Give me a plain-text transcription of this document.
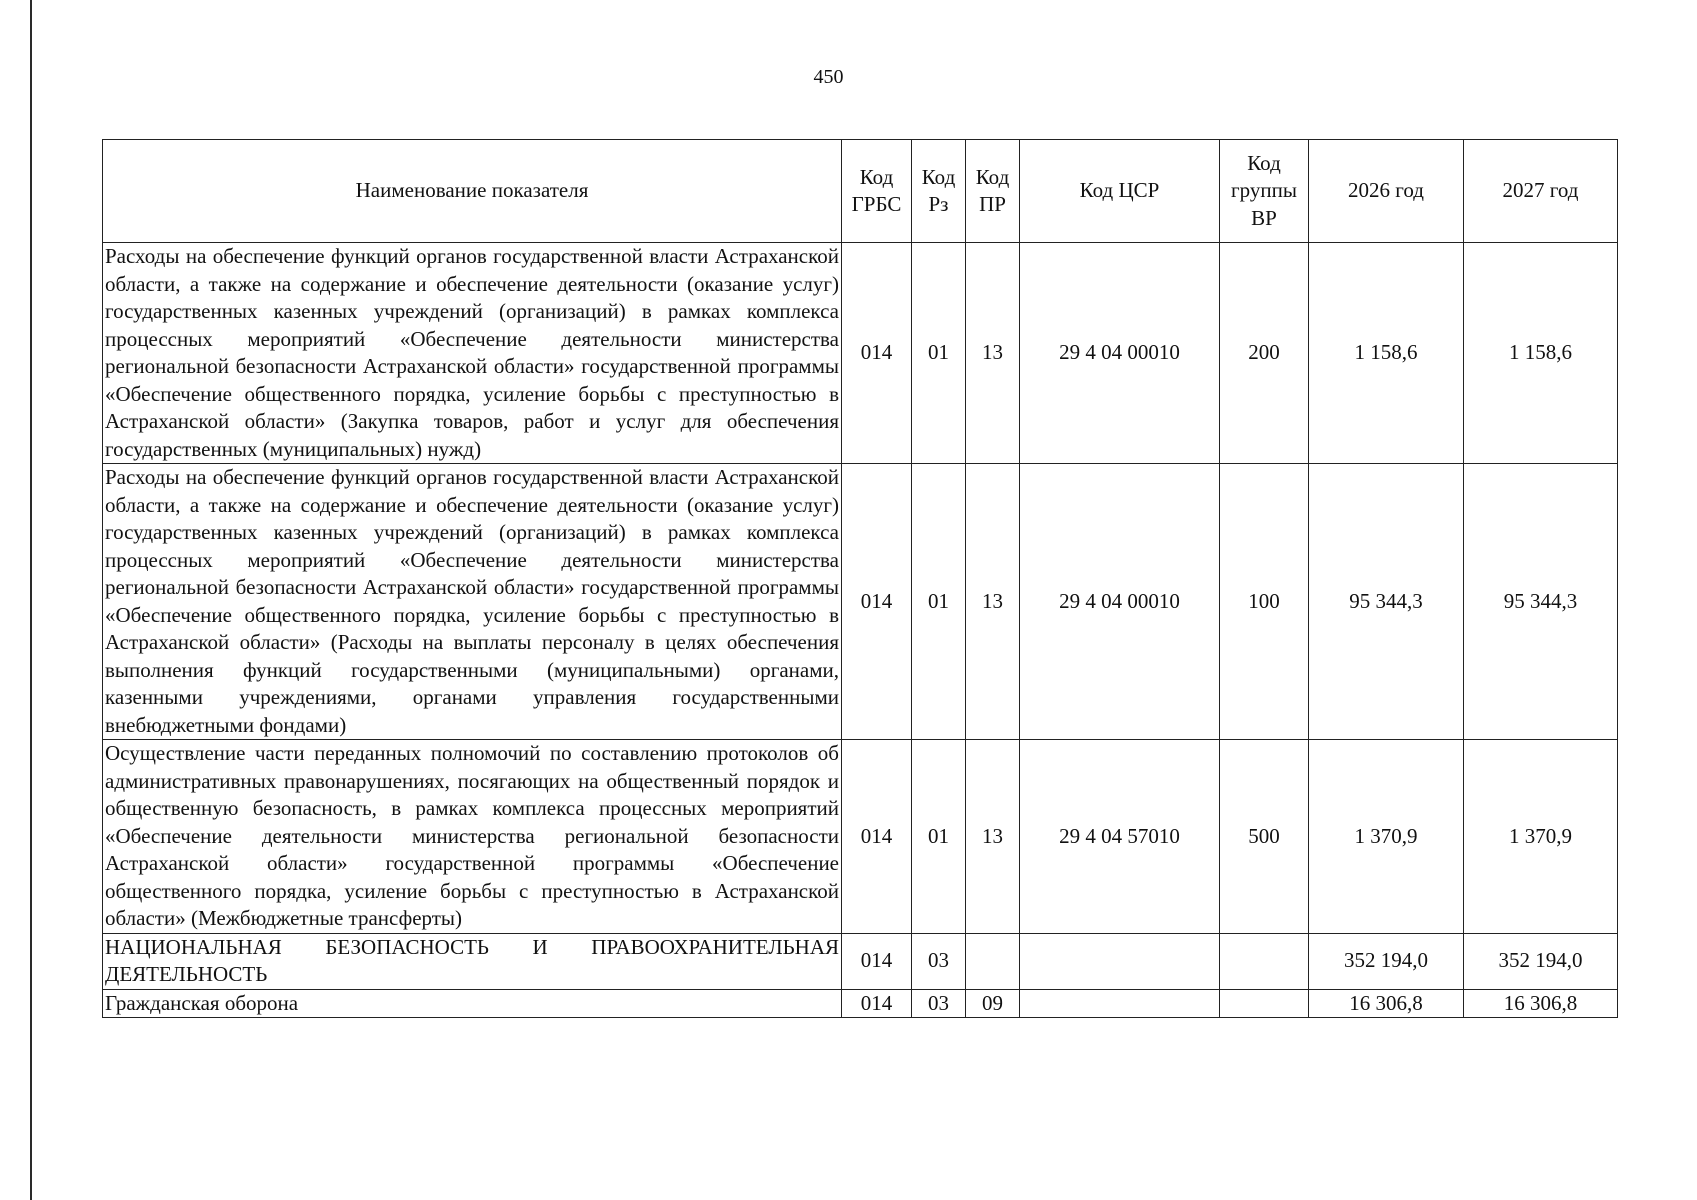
450
Наименование показателя	Код ГРБС	Код Рз	Код ПР	Код ЦСР	Код группы ВР	2026 год	2027 год
Расходы на обеспечение функций органов государственной власти Астраханской области, а также на содержание и обеспечение деятельности (оказание услуг) государственных казенных учреждений (организаций) в рамках комплекса процессных мероприятий «Обеспечение деятельности министерства региональной безопасности Астраханской области» государственной программы «Обеспечение общественного порядка, усиление борьбы с преступностью в Астраханской области» (Закупка товаров, работ и услуг для обеспечения государственных (муниципальных) нужд)	014	01	13	29 4 04 00010	200	1 158,6	1 158,6
Расходы на обеспечение функций органов государственной власти Астраханской области, а также на содержание и обеспечение деятельности (оказание услуг) государственных казенных учреждений (организаций) в рамках комплекса процессных мероприятий «Обеспечение деятельности министерства региональной безопасности Астраханской области» государственной программы «Обеспечение общественного порядка, усиление борьбы с преступностью в Астраханской области» (Расходы на выплаты персоналу в целях обеспечения выполнения функций государственными (муниципальными) органами, казенными учреждениями, органами управления государственными внебюджетными фондами)	014	01	13	29 4 04 00010	100	95 344,3	95 344,3
Осуществление части переданных полномочий по составлению протоколов об административных правонарушениях, посягающих на общественный порядок и общественную безопасность, в рамках комплекса процессных мероприятий «Обеспечение деятельности министерства региональной безопасности Астраханской области» государственной программы «Обеспечение общественного порядка, усиление борьбы с преступностью в Астраханской области» (Межбюджетные трансферты)	014	01	13	29 4 04 57010	500	1 370,9	1 370,9
НАЦИОНАЛЬНАЯ БЕЗОПАСНОСТЬ И ПРАВООХРАНИТЕЛЬНАЯ ДЕЯТЕЛЬНОСТЬ	014	03				352 194,0	352 194,0
Гражданская оборона	014	03	09			16 306,8	16 306,8
